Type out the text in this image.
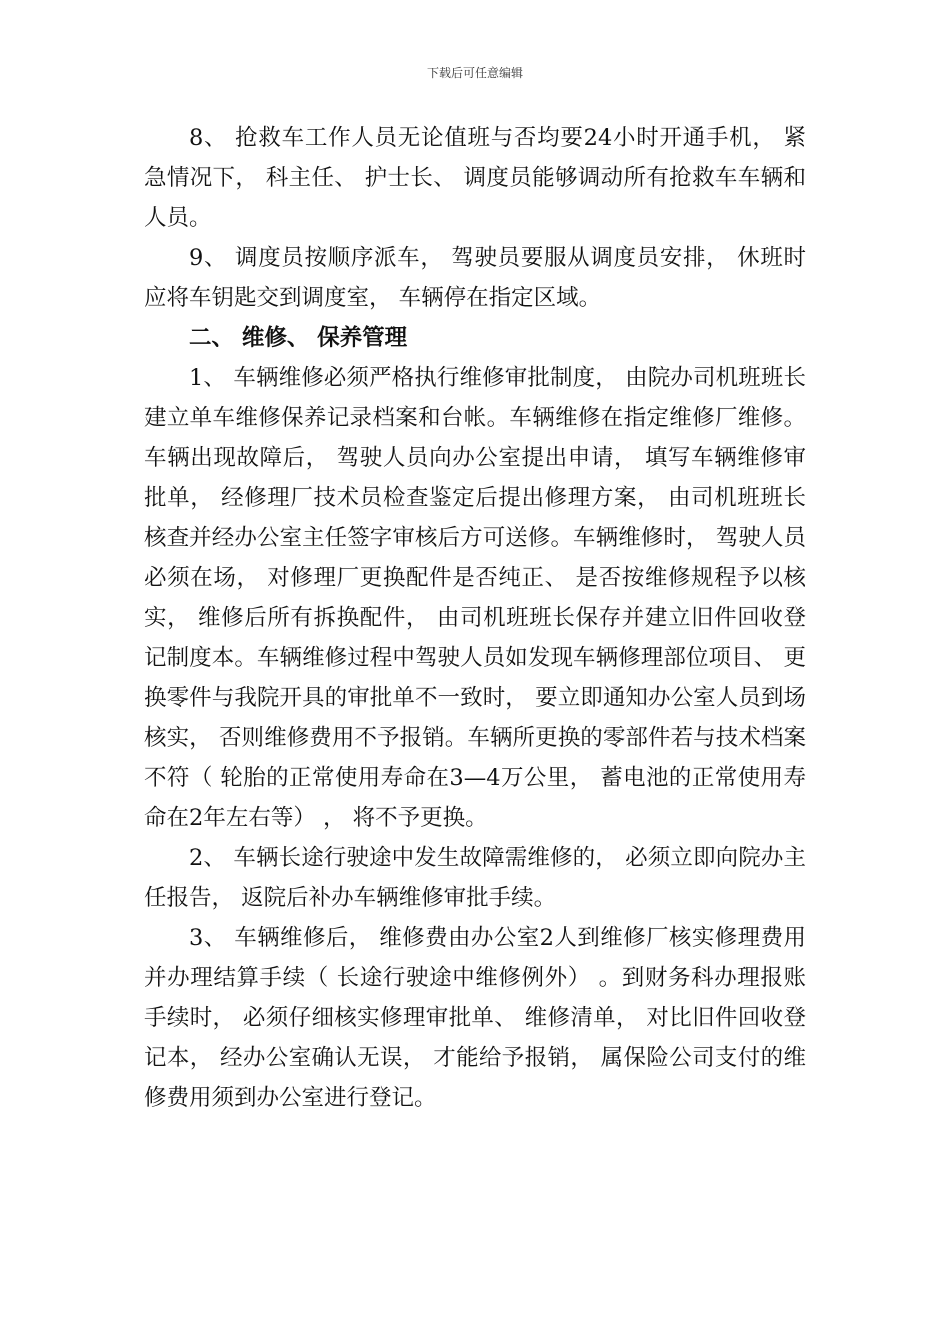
下载后可任意编辑

8、 抢救车工作人员无论值班与否均要24小时开通手机， 紧急情况下， 科主任、 护士长、 调度员能够调动所有抢救车车辆和人员。

9、 调度员按顺序派车， 驾驶员要服从调度员安排， 休班时应将车钥匙交到调度室， 车辆停在指定区域。

二、 维修、 保养管理

1、 车辆维修必须严格执行维修审批制度， 由院办司机班班长建立单车维修保养记录档案和台帐。车辆维修在指定维修厂维修。车辆出现故障后， 驾驶人员向办公室提出申请， 填写车辆维修审批单， 经修理厂技术员检查鉴定后提出修理方案， 由司机班班长核查并经办公室主任签字审核后方可送修。车辆维修时， 驾驶人员必须在场， 对修理厂更换配件是否纯正、 是否按维修规程予以核实， 维修后所有拆换配件， 由司机班班长保存并建立旧件回收登记制度本。车辆维修过程中驾驶人员如发现车辆修理部位项目、 更换零件与我院开具的审批单不一致时， 要立即通知办公室人员到场核实， 否则维修费用不予报销。车辆所更换的零部件若与技术档案不符（ 轮胎的正常使用寿命在3—4万公里， 蓄电池的正常使用寿命在2年左右等） ， 将不予更换。

2、 车辆长途行驶途中发生故障需维修的， 必须立即向院办主任报告， 返院后补办车辆维修审批手续。

3、 车辆维修后， 维修费由办公室2人到维修厂核实修理费用并办理结算手续（ 长途行驶途中维修例外） 。到财务科办理报账手续时， 必须仔细核实修理审批单、 维修清单， 对比旧件回收登记本， 经办公室确认无误， 才能给予报销， 属保险公司支付的维修费用须到办公室进行登记。
